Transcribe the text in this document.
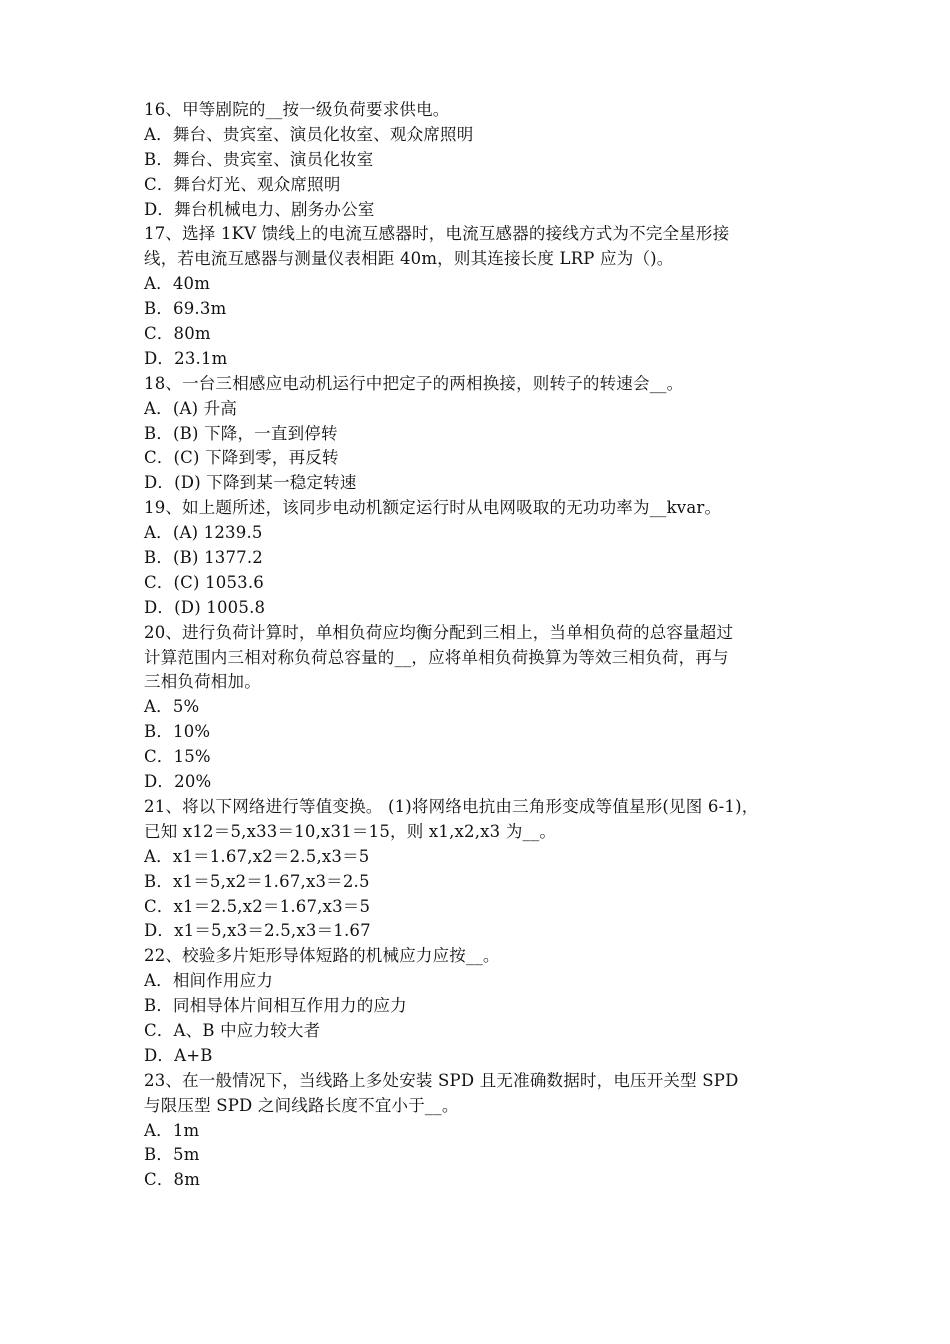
16、甲等剧院的__按一级负荷要求供电。
A．舞台、贵宾室、演员化妆室、观众席照明
B．舞台、贵宾室、演员化妆室
C．舞台灯光、观众席照明
D．舞台机械电力、剧务办公室
17、选择 1KV 馈线上的电流互感器时，电流互感器的接线方式为不完全星形接
线，若电流互感器与测量仪表相距 40m，则其连接长度 LRP 应为（)。
A．40m
B．69.3m
C．80m
D．23.1m
18、一台三相感应电动机运行中把定子的两相换接，则转子的转速会__。
A．(A) 升高
B．(B) 下降，一直到停转
C．(C) 下降到零，再反转
D．(D) 下降到某一稳定转速
19、如上题所述，该同步电动机额定运行时从电网吸取的无功功率为__kvar。
A．(A) 1239.5
B．(B) 1377.2
C．(C) 1053.6
D．(D) 1005.8
20、进行负荷计算时，单相负荷应均衡分配到三相上，当单相负荷的总容量超过
计算范围内三相对称负荷总容量的__，应将单相负荷换算为等效三相负荷，再与
三相负荷相加。
A．5%
B．10%
C．15%
D．20%
21、将以下网络进行等值变换。 (1)将网络电抗由三角形变成等值星形(见图 6-1)，
已知 x12＝5,x33＝10,x31＝15，则 x1,x2,x3 为__。
A．x1＝1.67,x2＝2.5,x3＝5
B．x1＝5,x2＝1.67,x3＝2.5
C．x1＝2.5,x2＝1.67,x3＝5
D．x1＝5,x3＝2.5,x3＝1.67
22、校验多片矩形导体短路的机械应力应按__。
A．相间作用应力
B．同相导体片间相互作用力的应力
C．A、B 中应力较大者
D．A+B
23、在一般情况下，当线路上多处安装 SPD 且无准确数据时，电压开关型 SPD
与限压型 SPD 之间线路长度不宜小于__。
A．1m
B．5m
C．8m
